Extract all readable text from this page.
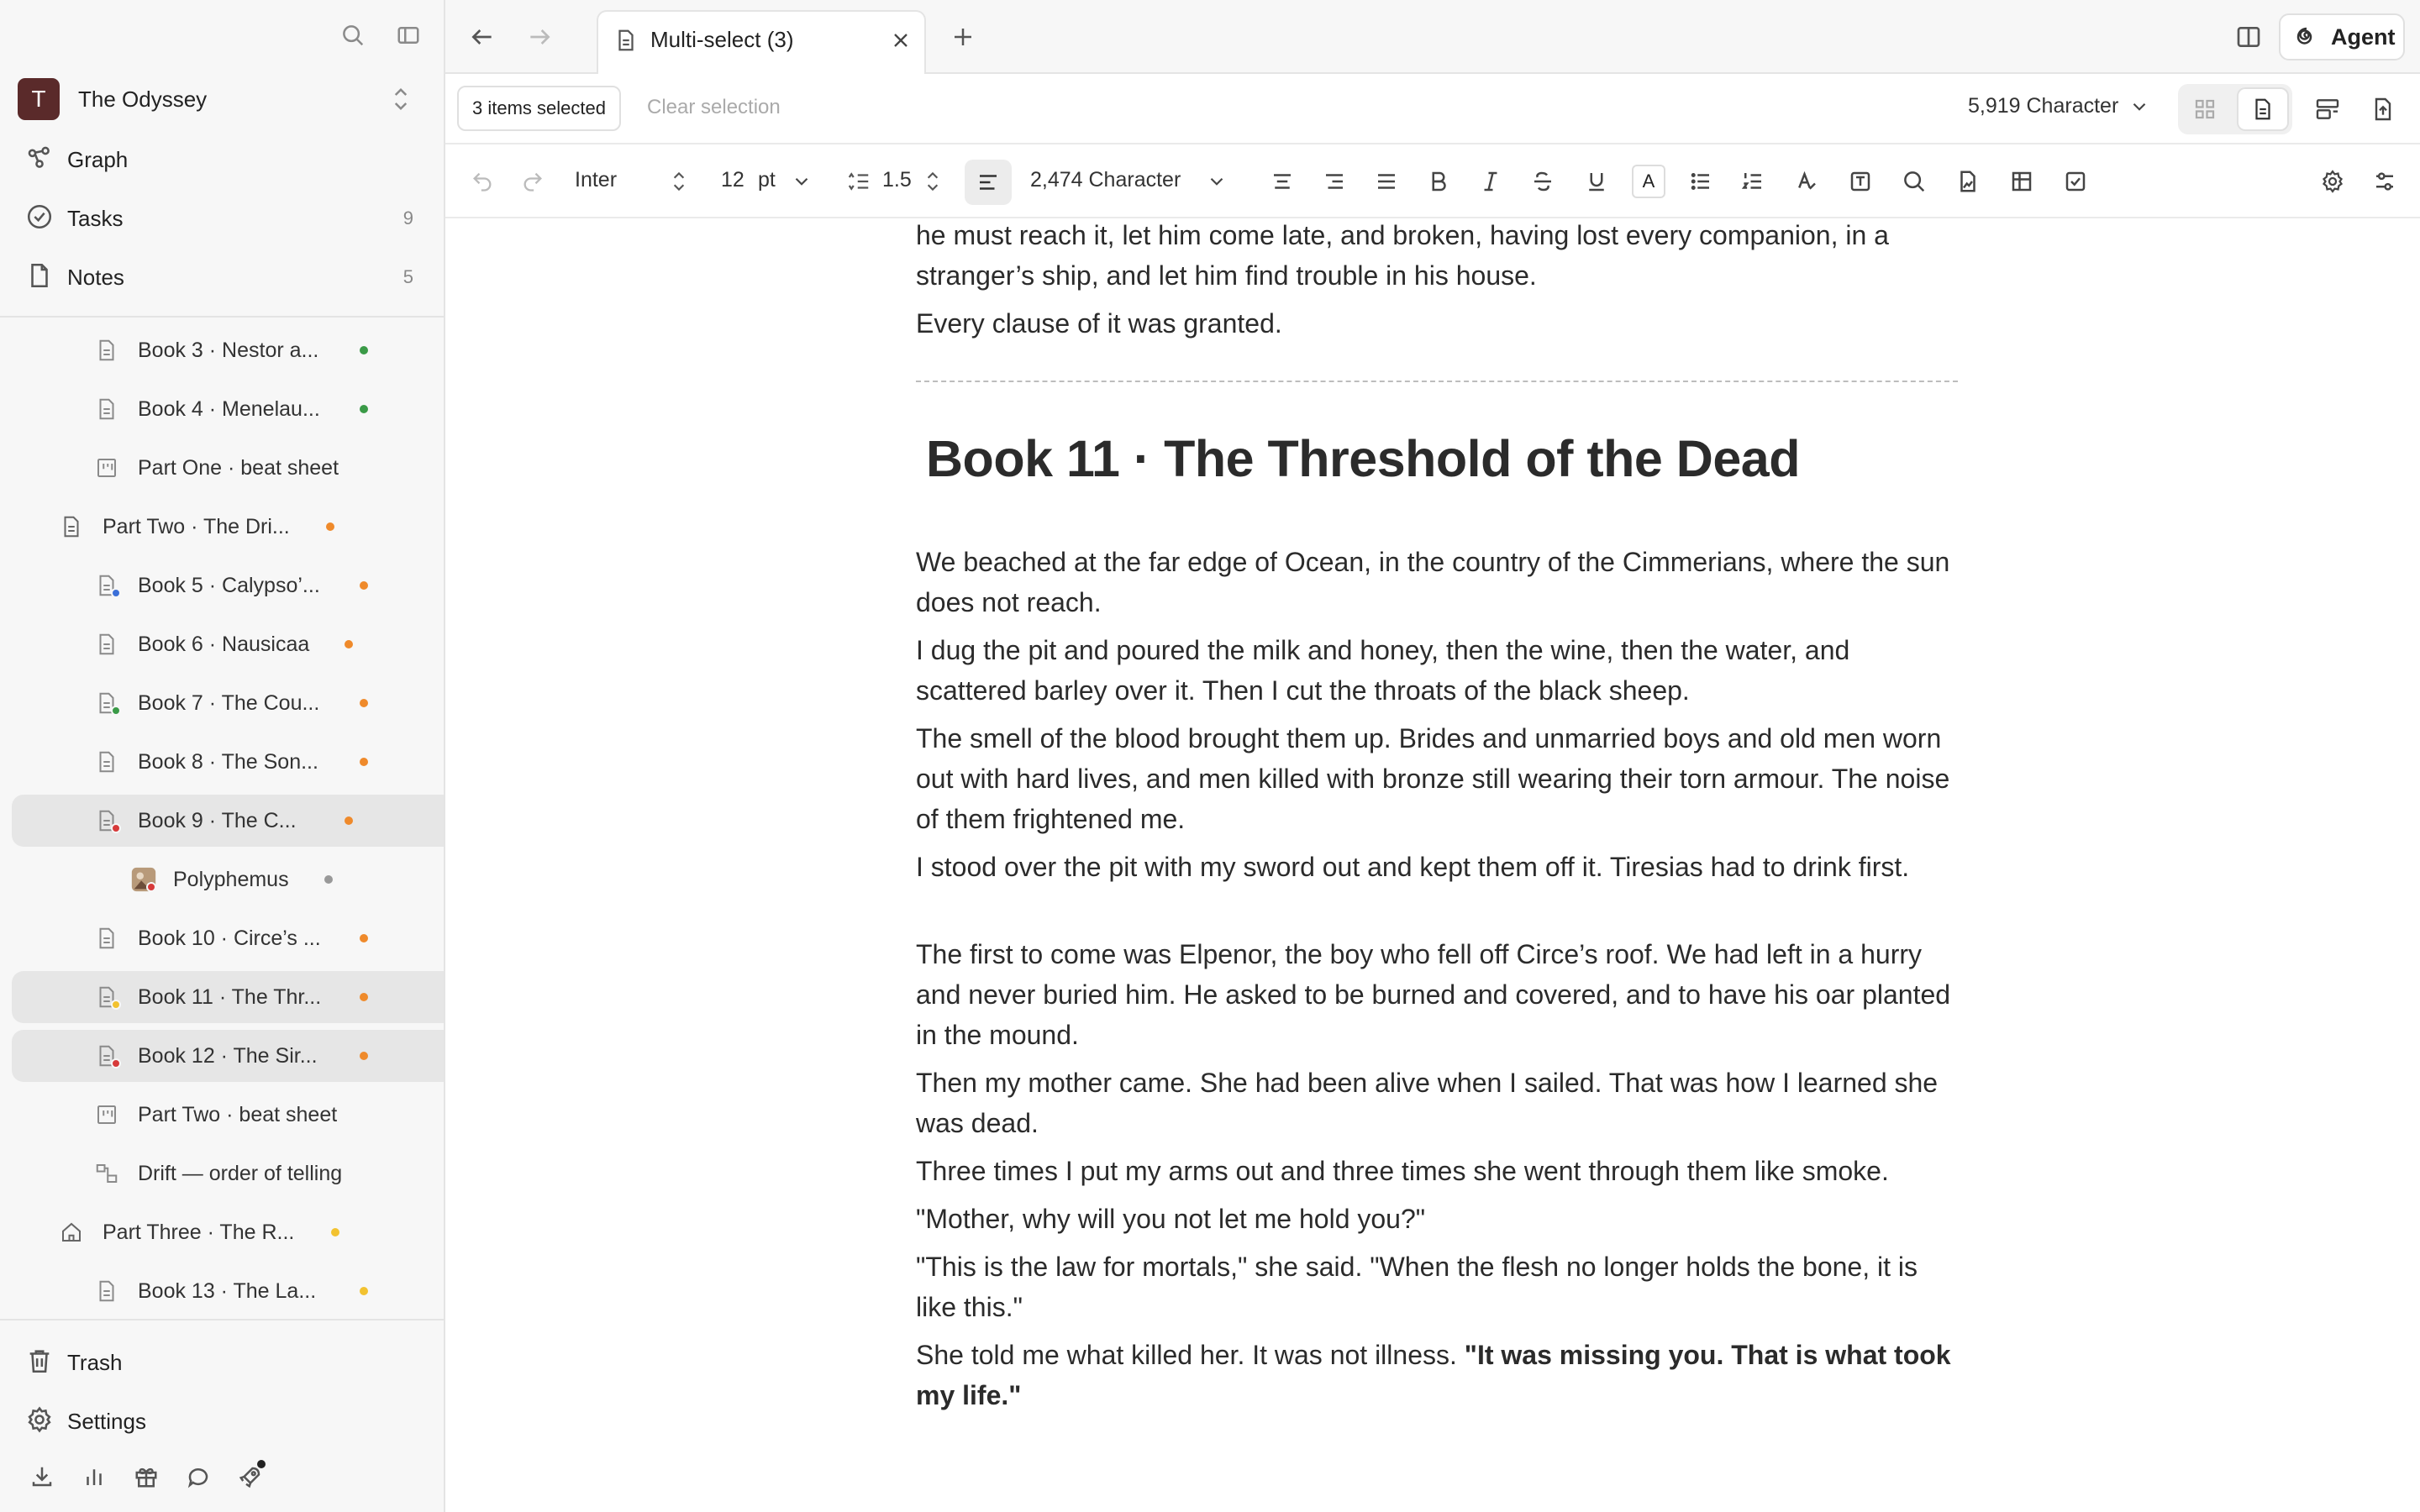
T	The Odyssey
Graph
Tasks	9
Notes	5
Book 3 · Nestor a...
Book 4 · Menelau...
Part One · beat sheet
Part Two · The Dri...
Book 5 · Calypso’...
Book 6 · Nausicaa
Book 7 · The Cou...
Book 8 · The Son...
Book 9 · The C...
Polyphemus
Book 10 · Circe’s ...
Book 11 · The Thr...
Book 12 · The Sir...
Part Two · beat sheet
Drift — order of telling
Part Three · The R...
Book 13 · The La...
Trash
Settings
Multi-select (3)	Agent
3 items selected	Clear selection	5,919 Character
Inter	12 pt	1.5	2,474 Character	A

he must reach it, let him come late, and broken, having lost every companion, in a stranger’s ship, and let him find trouble in his house.

Every clause of it was granted.

Book 11 · The Threshold of the Dead

We beached at the far edge of Ocean, in the country of the Cimmerians, where the sun does not reach.

I dug the pit and poured the milk and honey, then the wine, then the water, and scattered barley over it. Then I cut the throats of the black sheep.

The smell of the blood brought them up. Brides and unmarried boys and old men worn out with hard lives, and men killed with bronze still wearing their torn armour. The noise of them frightened me.

I stood over the pit with my sword out and kept them off it. Tiresias had to drink first.

The first to come was Elpenor, the boy who fell off Circe’s roof. We had left in a hurry and never buried him. He asked to be burned and covered, and to have his oar planted in the mound.

Then my mother came. She had been alive when I sailed. That was how I learned she was dead.

Three times I put my arms out and three times she went through them like smoke.

"Mother, why will you not let me hold you?"

"This is the law for mortals," she said. "When the flesh no longer holds the bone, it is like this."

She told me what killed her. It was not illness. "It was missing you. That is what took my life."
